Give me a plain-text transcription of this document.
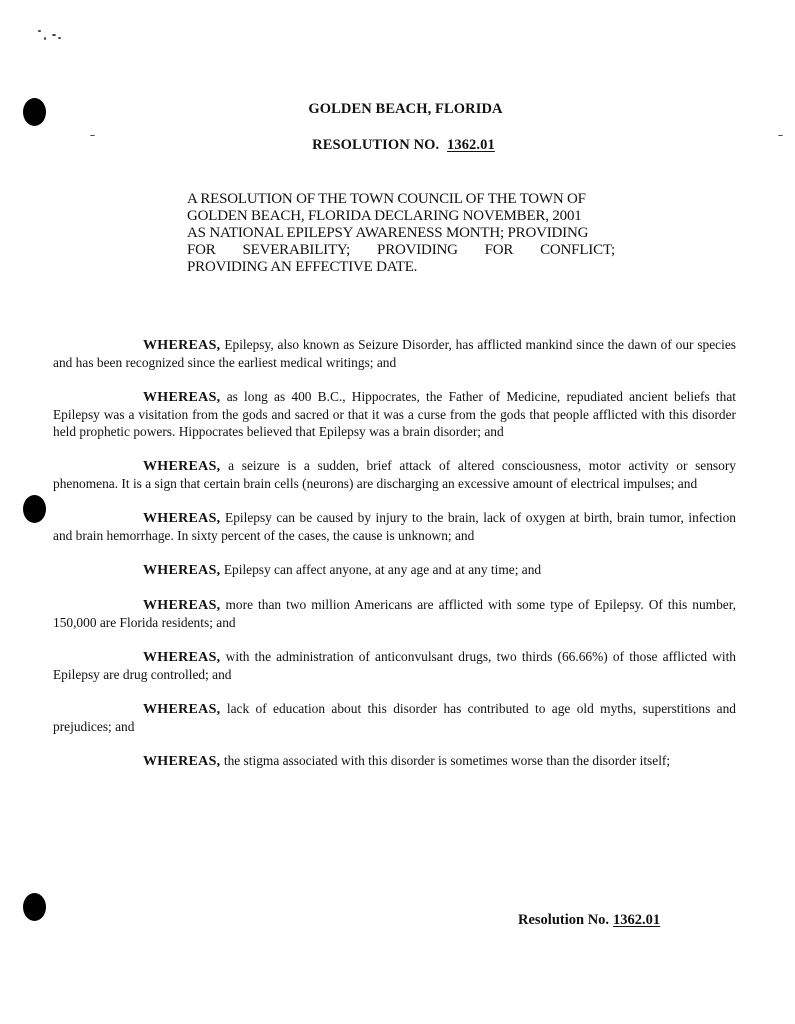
GOLDEN BEACH, FLORIDA
RESOLUTION NO. 1362.01
A RESOLUTION OF THE TOWN COUNCIL OF THE TOWN OF
GOLDEN BEACH, FLORIDA DECLARING NOVEMBER, 2001
AS NATIONAL EPILEPSY AWARENESS MONTH; PROVIDING
FOR SEVERABILITY; PROVIDING FOR CONFLICT;
PROVIDING AN EFFECTIVE DATE.

WHEREAS, Epilepsy, also known as Seizure Disorder, has afflicted mankind since the dawn of our species and has been recognized since the earliest medical writings; and

WHEREAS, as long as 400 B.C., Hippocrates, the Father of Medicine, repudiated ancient beliefs that Epilepsy was a visitation from the gods and sacred or that it was a curse from the gods that people afflicted with this disorder held prophetic powers. Hippocrates believed that Epilepsy was a brain disorder; and

WHEREAS, a seizure is a sudden, brief attack of altered consciousness, motor activity or sensory phenomena. It is a sign that certain brain cells (neurons) are discharging an excessive amount of electrical impulses; and

WHEREAS, Epilepsy can be caused by injury to the brain, lack of oxygen at birth, brain tumor, infection and brain hemorrhage. In sixty percent of the cases, the cause is unknown; and

WHEREAS, Epilepsy can affect anyone, at any age and at any time; and

WHEREAS, more than two million Americans are afflicted with some type of Epilepsy. Of this number, 150,000 are Florida residents; and

WHEREAS, with the administration of anticonvulsant drugs, two thirds (66.66%) of those afflicted with Epilepsy are drug controlled; and

WHEREAS, lack of education about this disorder has contributed to age old myths, superstitions and prejudices; and

WHEREAS, the stigma associated with this disorder is sometimes worse than the disorder itself;

Resolution No. 1362.01
